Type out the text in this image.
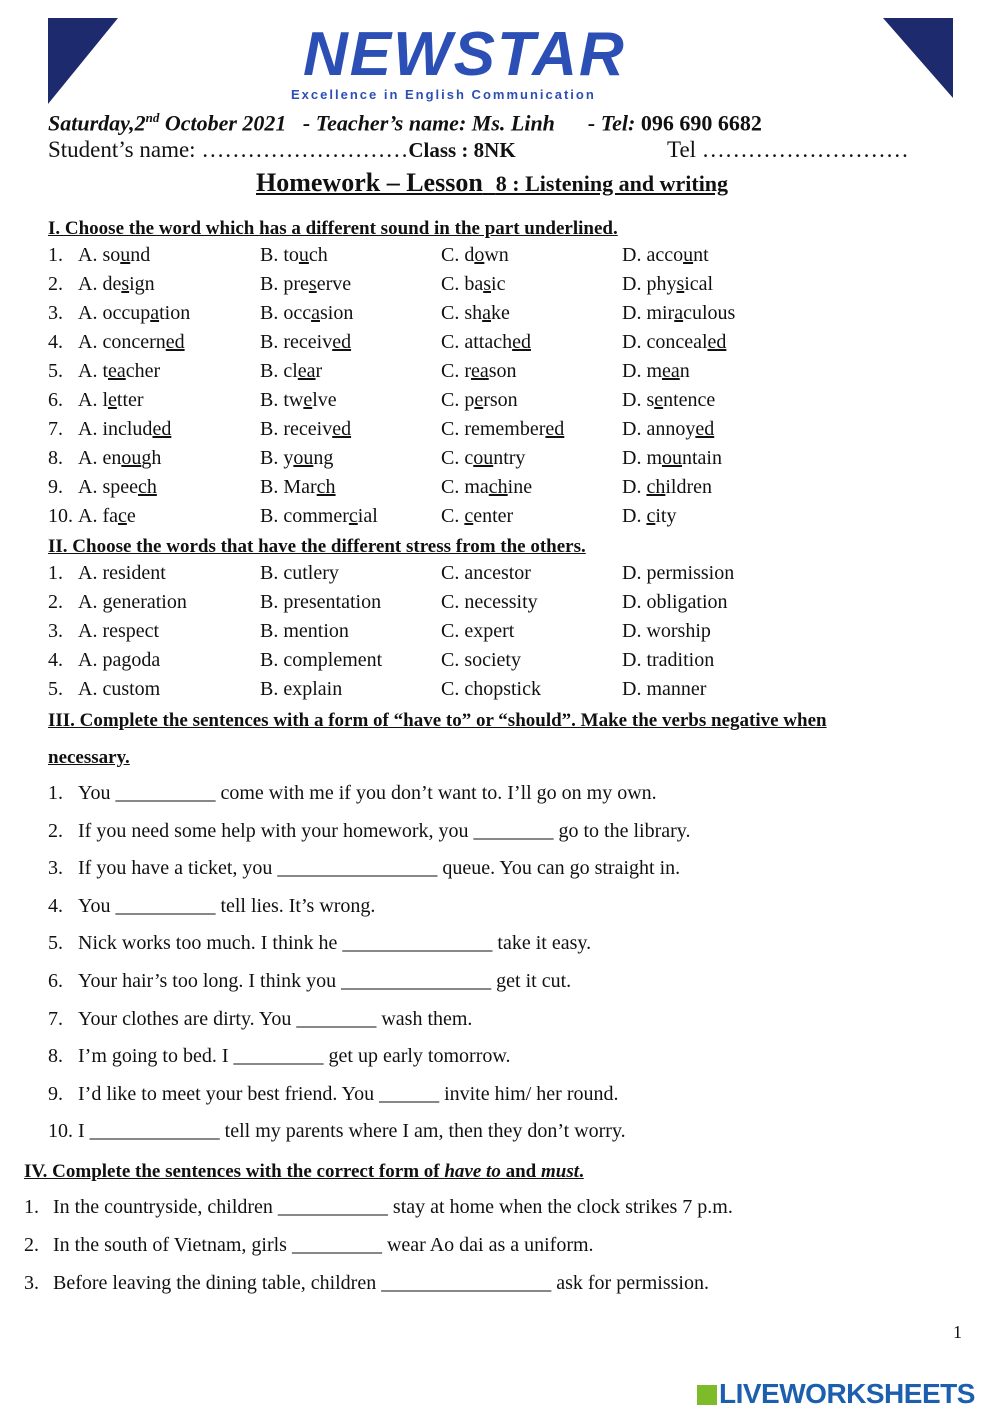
NEWSTAR
Excellence in English Communication

Saturday,2nd October 2021   - Teacher’s name: Ms. Linh      - Tel: 096 690 6682
Student’s name: ………………………Class : 8NK	Tel ………………………
Homework – Lesson 8 : Listening and writing
I. Choose the word which has a different sound in the part underlined.
1. A. sound	B. touch	C. down	D. account
2. A. design	B. preserve	C. basic	D. physical
3. A. occupation	B. occasion	C. shake	D. miraculous
4. A. concerned	B. received	C. attached	D. concealed
5. A. teacher	B. clear	C. reason	D. mean
6. A. letter	B. twelve	C. person	D. sentence
7. A. included	B. received	C. remembered	D. annoyed
8. A. enough	B. young	C. country	D. mountain
9. A. speech	B. March	C. machine	D. children
10. A. face	B. commercial	C. center	D. city
II. Choose the words that have the different stress from the others.
1. A. resident	B. cutlery	C. ancestor	D. permission
2. A. generation	B. presentation	C. necessity	D. obligation
3. A. respect	B. mention	C. expert	D. worship
4. A. pagoda	B. complement	C. society	D. tradition
5. A. custom	B. explain	C. chopstick	D. manner
III. Complete the sentences with a form of “have to” or “should”. Make the verbs negative when
necessary.
1. You __________ come with me if you don’t want to. I’ll go on my own.
2. If you need some help with your homework, you ________ go to the library.
3. If you have a ticket, you ________________ queue. You can go straight in.
4. You __________ tell lies. It’s wrong.
5. Nick works too much. I think he _______________ take it easy.
6. Your hair’s too long. I think you _______________ get it cut.
7. Your clothes are dirty. You ________ wash them.
8. I’m going to bed. I _________ get up early tomorrow.
9. I’d like to meet your best friend. You ______ invite him/ her round.
10. I _____________ tell my parents where I am, then they don’t worry.
IV. Complete the sentences with the correct form of have to and must.
1. In the countryside, children ___________ stay at home when the clock strikes 7 p.m.
2. In the south of Vietnam, girls _________ wear Ao dai as a uniform.
3. Before leaving the dining table, children _________________ ask for permission.
1
LIVEWORKSHEETS
